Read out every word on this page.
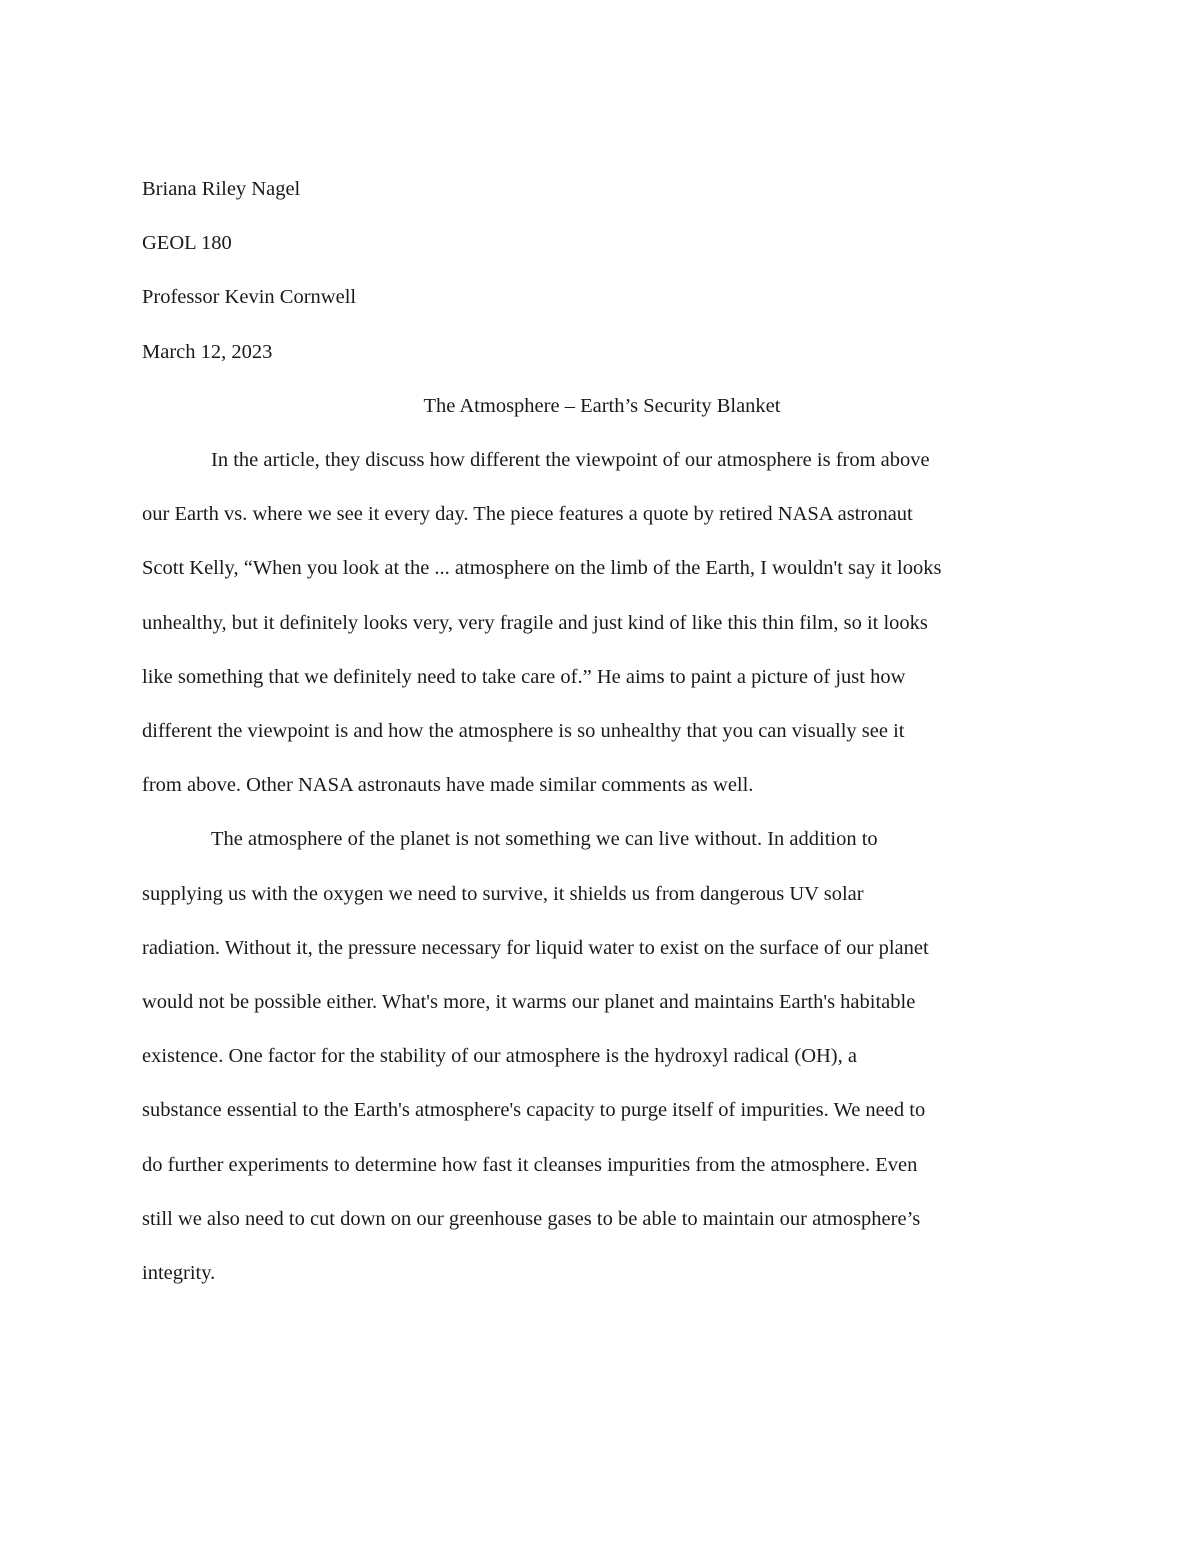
Briana Riley Nagel

GEOL 180

Professor Kevin Cornwell

March 12, 2023

The Atmosphere – Earth’s Security Blanket

In the article, they discuss how different the viewpoint of our atmosphere is from above

our Earth vs. where we see it every day. The piece features a quote by retired NASA astronaut

Scott Kelly, “When you look at the ... atmosphere on the limb of the Earth, I wouldn't say it looks

unhealthy, but it definitely looks very, very fragile and just kind of like this thin film, so it looks

like something that we definitely need to take care of.” He aims to paint a picture of just how

different the viewpoint is and how the atmosphere is so unhealthy that you can visually see it

from above. Other NASA astronauts have made similar comments as well.

The atmosphere of the planet is not something we can live without. In addition to

supplying us with the oxygen we need to survive, it shields us from dangerous UV solar

radiation. Without it, the pressure necessary for liquid water to exist on the surface of our planet

would not be possible either. What's more, it warms our planet and maintains Earth's habitable

existence. One factor for the stability of our atmosphere is the hydroxyl radical (OH), a

substance essential to the Earth's atmosphere's capacity to purge itself of impurities. We need to

do further experiments to determine how fast it cleanses impurities from the atmosphere. Even

still we also need to cut down on our greenhouse gases to be able to maintain our atmosphere’s

integrity.
